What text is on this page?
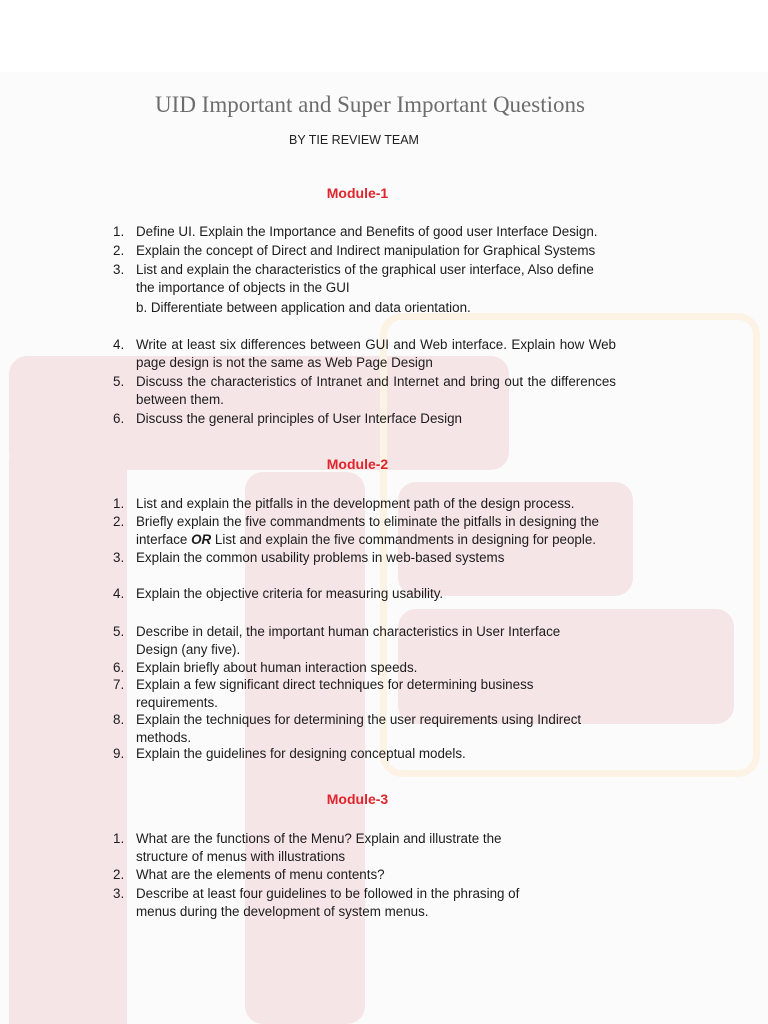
UID Important and Super Important Questions
BY TIE REVIEW TEAM
Module-1
1. Define UI. Explain the Importance and Benefits of good user Interface Design.
2. Explain the concept of Direct and Indirect manipulation for Graphical Systems
3. List and explain the characteristics of the graphical user interface, Also define the importance of objects in the GUI
b. Differentiate between application and data orientation.
4. Write at least six differences between GUI and Web interface. Explain how Web page design is not the same as Web Page Design
5. Discuss the characteristics of Intranet and Internet and bring out the differences between them.
6. Discuss the general principles of User Interface Design
Module-2
1. List and explain the pitfalls in the development path of the design process.
2. Briefly explain the five commandments to eliminate the pitfalls in designing the interface OR List and explain the five commandments in designing for people.
3. Explain the common usability problems in web-based systems
4. Explain the objective criteria for measuring usability.
5. Describe in detail, the important human characteristics in User Interface Design (any five).
6. Explain briefly about human interaction speeds.
7. Explain a few significant direct techniques for determining business requirements.
8. Explain the techniques for determining the user requirements using Indirect methods.
9. Explain the guidelines for designing conceptual models.
Module-3
1. What are the functions of the Menu? Explain and illustrate the structure of menus with illustrations
2. What are the elements of menu contents?
3. Describe at least four guidelines to be followed in the phrasing of menus during the development of system menus.
